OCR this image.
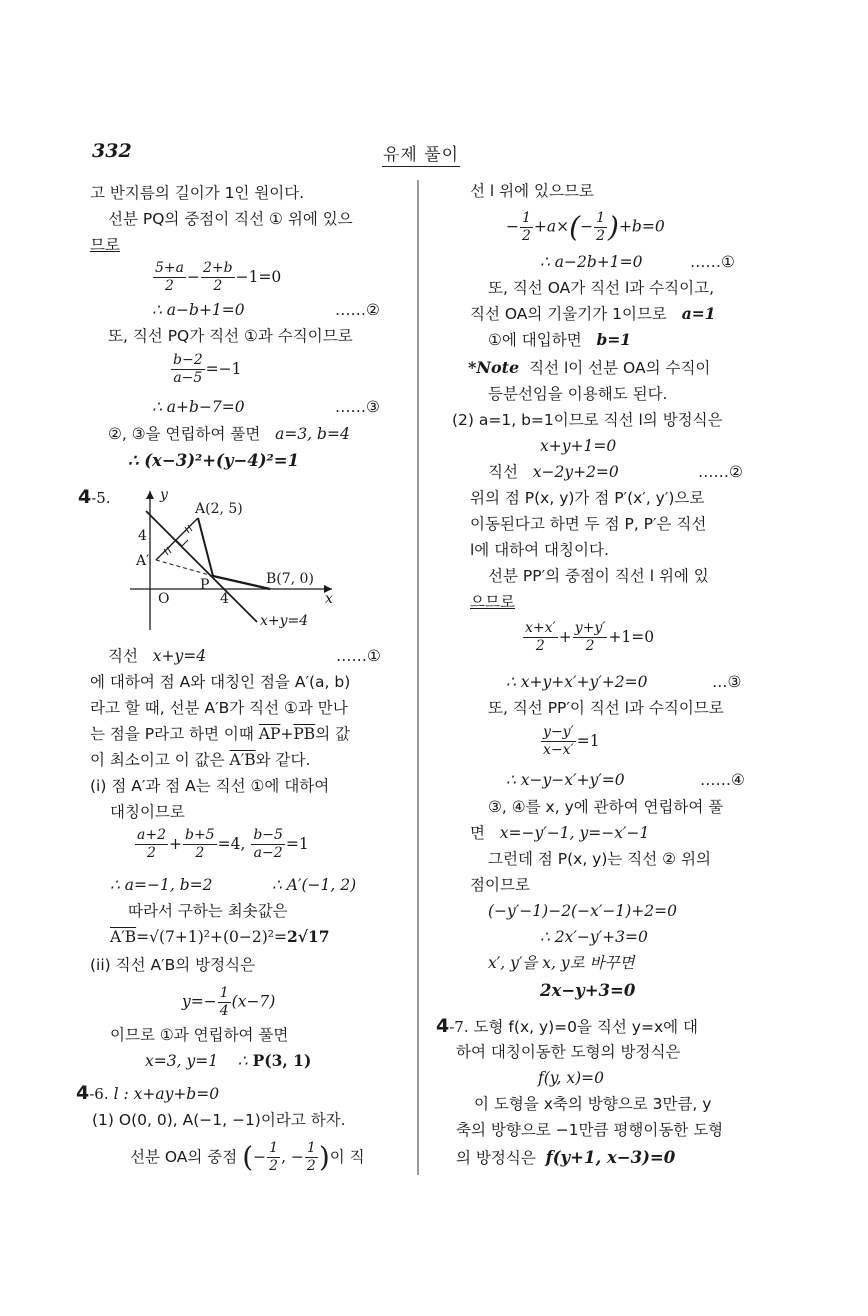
332	유제 풀이
고 반지름의 길이가 1인 원이다.
선분 PQ의 중점이 직선 ① 위에 있으
므로
$\frac{5+a}{2} - \frac{2+b}{2} -1=0$
∴ a−b+1=0	……②
또, 직선 PQ가 직선 ①과 수직이므로
$\frac{b-2}{a-5} =-1$
∴ a+b−7=0	……③
②, ③을 연립하여 풀면 a=3, b=4
∴ (x−3)²+(y−4)²=1
4-5.	y
x
O
A(2, 5)
A′
P	B(7, 0)
4
4
x+y=4
직선 x+y=4	……①
에 대하여 점 A와 대칭인 점을 A′(a, b)
라고 할 때, 선분 A′B가 직선 ①과 만나
는 점을 P라고 하면 이때 $\overline{AP}+\overline{PB}$의 값
이 최소이고 이 값은 A′B와 같다.
(i) 점 A′과 점 A는 직선 ①에 대하여
대칭이므로
$\frac{a+2}{2} + \frac{b+5}{2} =4$, $\frac{b-5}{a-2} =1$
∴ a=−1, b=2	∴ A′(−1, 2)
따라서 구하는 최솟값은
A′B=√(7+1)²+(0−2)²=2√17
(ii) 직선 A′B의 방정식은
$y=- \frac{1}{4} (x-7)$
이므로 ①과 연립하여 풀면
x=3, y=1 ∴ P(3, 1)
4-6. l : x+ay+b=0
(1) O(0, 0), A(−1, −1)이라고 하자.
선분 OA의 중점 (− $\frac{1}{2}$ , − $\frac{1}{2}$ )이 직
선 l 위에 있으므로
− $\frac{1}{2} +a\times(- \frac{1}{2} )+b=0$
∴ a−2b+1=0	……①
또, 직선 OA가 직선 l과 수직이고,
직선 OA의 기울기가 1이므로 a=1
①에 대입하면 b=1
*Note 직선 l이 선분 OA의 수직이
등분선임을 이용해도 된다.
(2) a=1, b=1이므로 직선 l의 방정식은
x+y+1=0
직선 x−2y+2=0	……②
위의 점 P(x, y)가 점 P′(x′, y′)으로
이동된다고 하면 두 점 P, P′은 직선
l에 대하여 대칭이다.
선분 PP′의 중점이 직선 l 위에 있
으므로
$\frac{x+x'}{2} + \frac{y+y'}{2} +1=0$
∴ x+y+x′+y′+2=0	…③
또, 직선 PP′이 직선 l과 수직이므로
$\frac{y-y'}{x-x'} =1$
∴ x−y−x′+y′=0	……④
③, ④를 x, y에 관하여 연립하여 풀
면 x=−y′−1, y=−x′−1
그런데 점 P(x, y)는 직선 ② 위의
점이므로
(−y′−1)−2(−x′−1)+2=0
∴ 2x′−y′+3=0
x′, y′을 x, y로 바꾸면
2x−y+3=0
4-7. 도형 f(x, y)=0을 직선 y=x에 대
하여 대칭이동한 도형의 방정식은
f(y, x)=0
이 도형을 x축의 방향으로 3만큼, y
축의 방향으로 −1만큼 평행이동한 도형
의 방정식은 f(y+1, x−3)=0
